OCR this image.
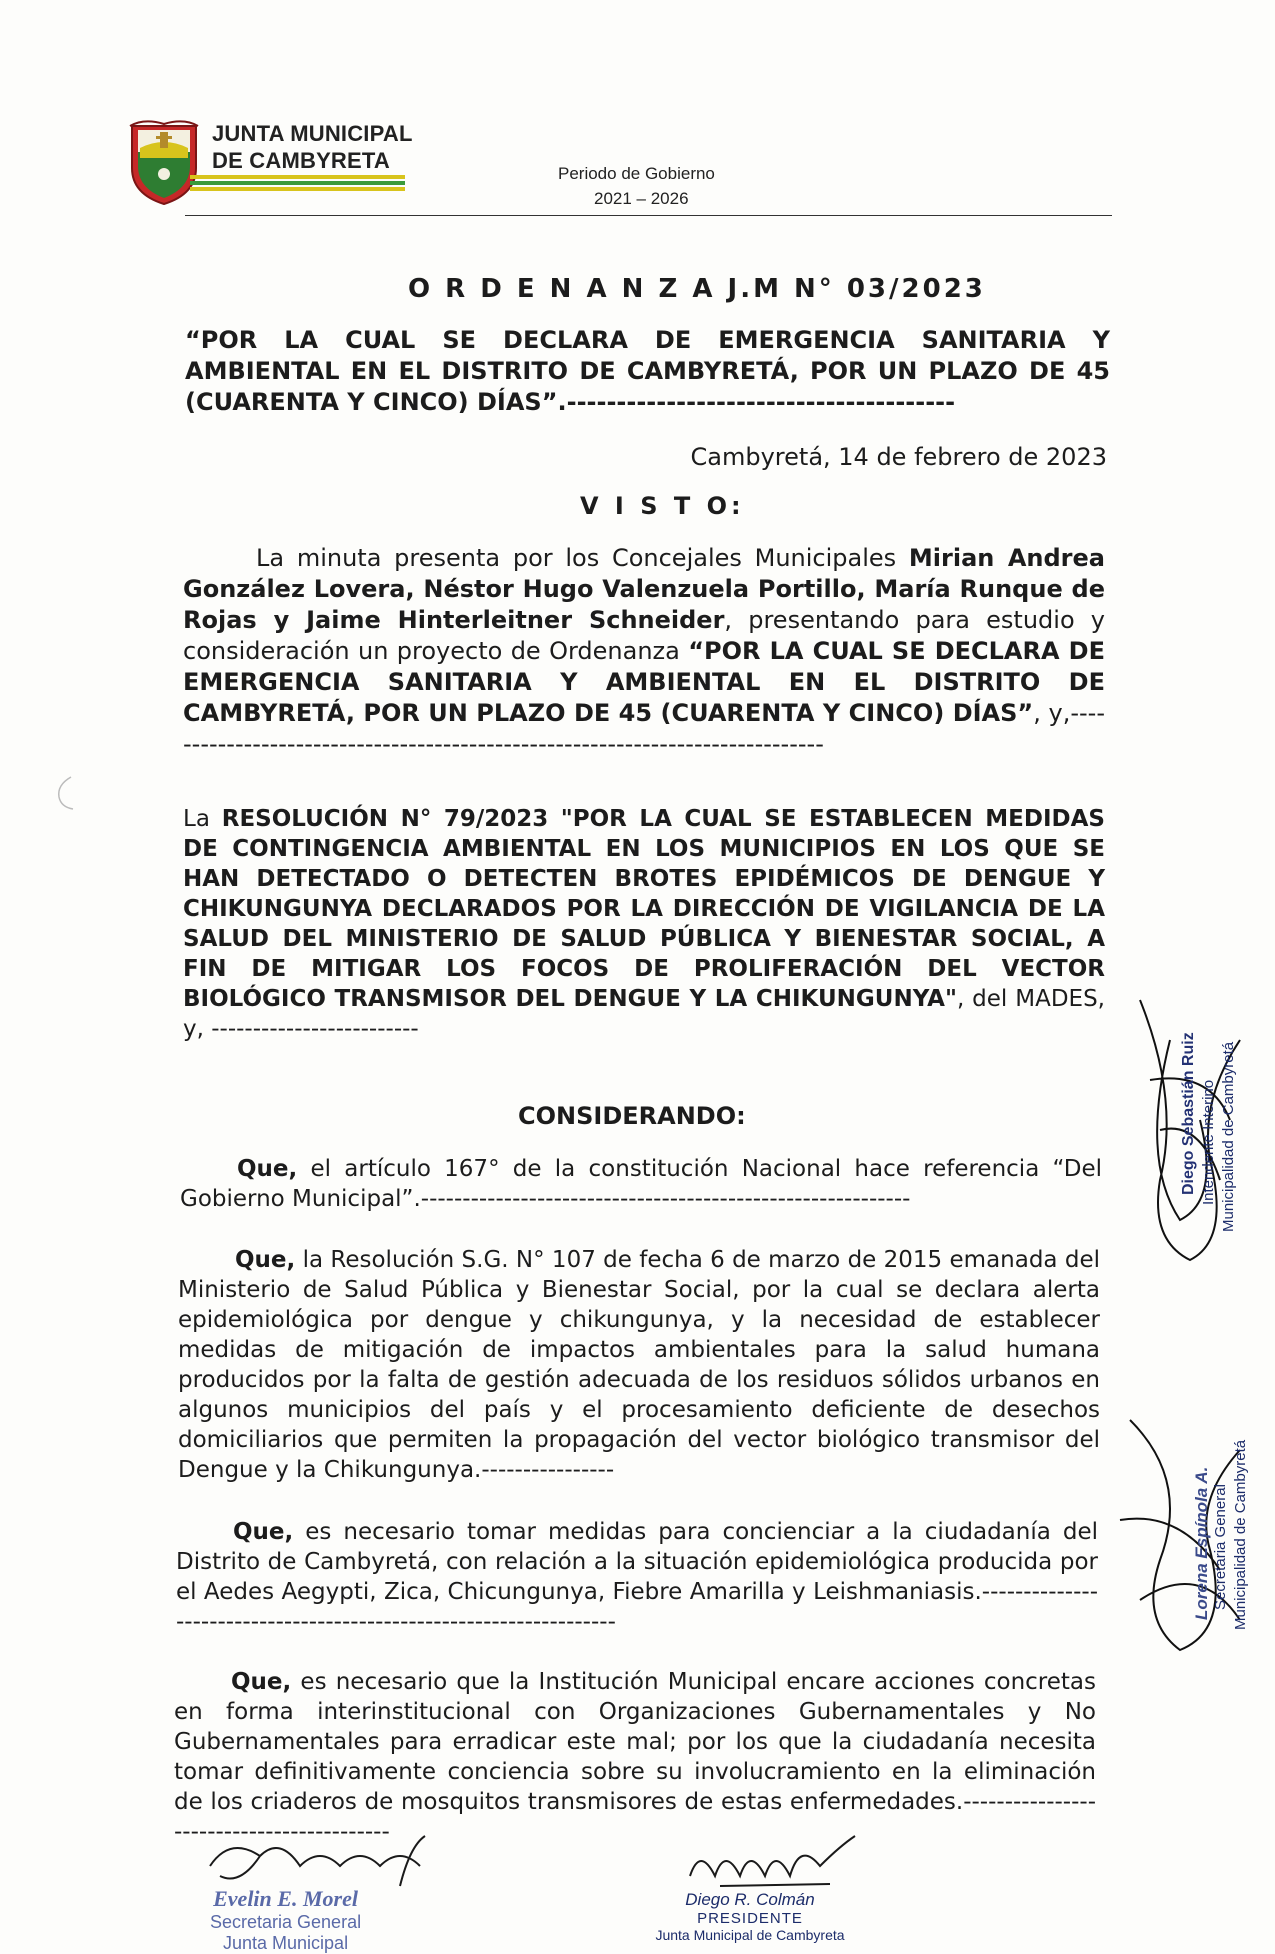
JUNTA MUNICIPAL
DE CAMBYRETA
Periodo de Gobierno
2021 – 2026
O R D E N A N Z A J.M N° 03/2023
“POR LA CUAL SE DECLARA DE EMERGENCIA SANITARIA Y AMBIENTAL EN EL DISTRITO DE CAMBYRETÁ, POR UN PLAZO DE 45 (CUARENTA Y CINCO) DÍAS”.---------------------------------------
Cambyretá, 14 de febrero de 2023
V I S T O:
La minuta presenta por los Concejales Municipales Mirian Andrea González Lovera, Néstor Hugo Valenzuela Portillo, María Runque de Rojas y Jaime Hinterleitner Schneider, presentando para estudio y consideración un proyecto de Ordenanza “POR LA CUAL SE DECLARA DE EMERGENCIA SANITARIA Y AMBIENTAL EN EL DISTRITO DE CAMBYRETÁ, POR UN PLAZO DE 45 (CUARENTA Y CINCO) DÍAS”, y,------------------------------------------------------------------------------
La RESOLUCIÓN N° 79/2023 "POR LA CUAL SE ESTABLECEN MEDIDAS DE CONTINGENCIA AMBIENTAL EN LOS MUNICIPIOS EN LOS QUE SE HAN DETECTADO O DETECTEN BROTES EPIDÉMICOS DE DENGUE Y CHIKUNGUNYA DECLARADOS POR LA DIRECCIÓN DE VIGILANCIA DE LA SALUD DEL MINISTERIO DE SALUD PÚBLICA Y BIENESTAR SOCIAL, A FIN DE MITIGAR LOS FOCOS DE PROLIFERACIÓN DEL VECTOR BIOLÓGICO TRANSMISOR DEL DENGUE Y LA CHIKUNGUNYA", del MADES, y, -------------------------
CONSIDERANDO:
Que, el artículo 167° de la constitución Nacional hace referencia “Del Gobierno Municipal”.-----------------------------------------------------------
Que, la Resolución S.G. N° 107 de fecha 6 de marzo de 2015 emanada del Ministerio de Salud Pública y Bienestar Social, por la cual se declara alerta epidemiológica por dengue y chikungunya, y la necesidad de establecer medidas de mitigación de impactos ambientales para la salud humana producidos por la falta de gestión adecuada de los residuos sólidos urbanos en algunos municipios del país y el procesamiento deficiente de desechos domiciliarios que permiten la propagación del vector biológico transmisor del Dengue y la Chikungunya.----------------
Que, es necesario tomar medidas para concienciar a la ciudadanía del Distrito de Cambyretá, con relación a la situación epidemiológica producida por el Aedes Aegypti, Zica, Chicungunya, Fiebre Amarilla y Leishmaniasis.-------------------------------------------------------------------
Que, es necesario que la Institución Municipal encare acciones concretas en forma interinstitucional con Organizaciones Gubernamentales y No Gubernamentales para erradicar este mal; por los que la ciudadanía necesita tomar definitivamente conciencia sobre su involucramiento en la eliminación de los criaderos de mosquitos transmisores de estas enfermedades.------------------------------------------
Diego Sebastián Ruiz Intendente Interino Municipalidad de Cambyretá
Lorena Espínola A. Secretaria General Municipalidad de Cambyretá
Evelin E. Morel
Secretaria General
Junta Municipal
Diego R. Colmán
PRESIDENTE
Junta Municipal de Cambyreta
